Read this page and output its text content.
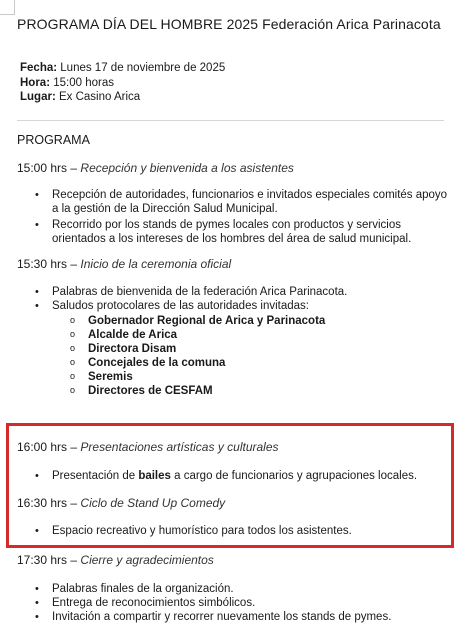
PROGRAMA DÍA DEL HOMBRE 2025 Federación Arica Parinacota
Fecha: Lunes 17 de noviembre de 2025
Hora: 15:00 horas
Lugar: Ex Casino Arica
PROGRAMA
15:00 hrs – Recepción y bienvenida a los asistentes
•	Recepción de autoridades, funcionarios e invitados especiales comités apoyo a la gestión de la Dirección Salud Municipal.
•	Recorrido por los stands de pymes locales con productos y servicios orientados a los intereses de los hombres del área de salud municipal.
15:30 hrs – Inicio de la ceremonia oficial
•	Palabras de bienvenida de la federación Arica Parinacota.
•	Saludos protocolares de las autoridades invitadas:
o Gobernador Regional de Arica y Parinacota
o Alcalde de Arica
o Directora Disam
o Concejales de la comuna
o Seremis
o Directores de CESFAM
16:00 hrs – Presentaciones artísticas y culturales
•	Presentación de bailes a cargo de funcionarios y agrupaciones locales.
16:30 hrs – Ciclo de Stand Up Comedy
•	Espacio recreativo y humorístico para todos los asistentes.
17:30 hrs – Cierre y agradecimientos
•	Palabras finales de la organización.
•	Entrega de reconocimientos simbólicos.
•	Invitación a compartir y recorrer nuevamente los stands de pymes.
